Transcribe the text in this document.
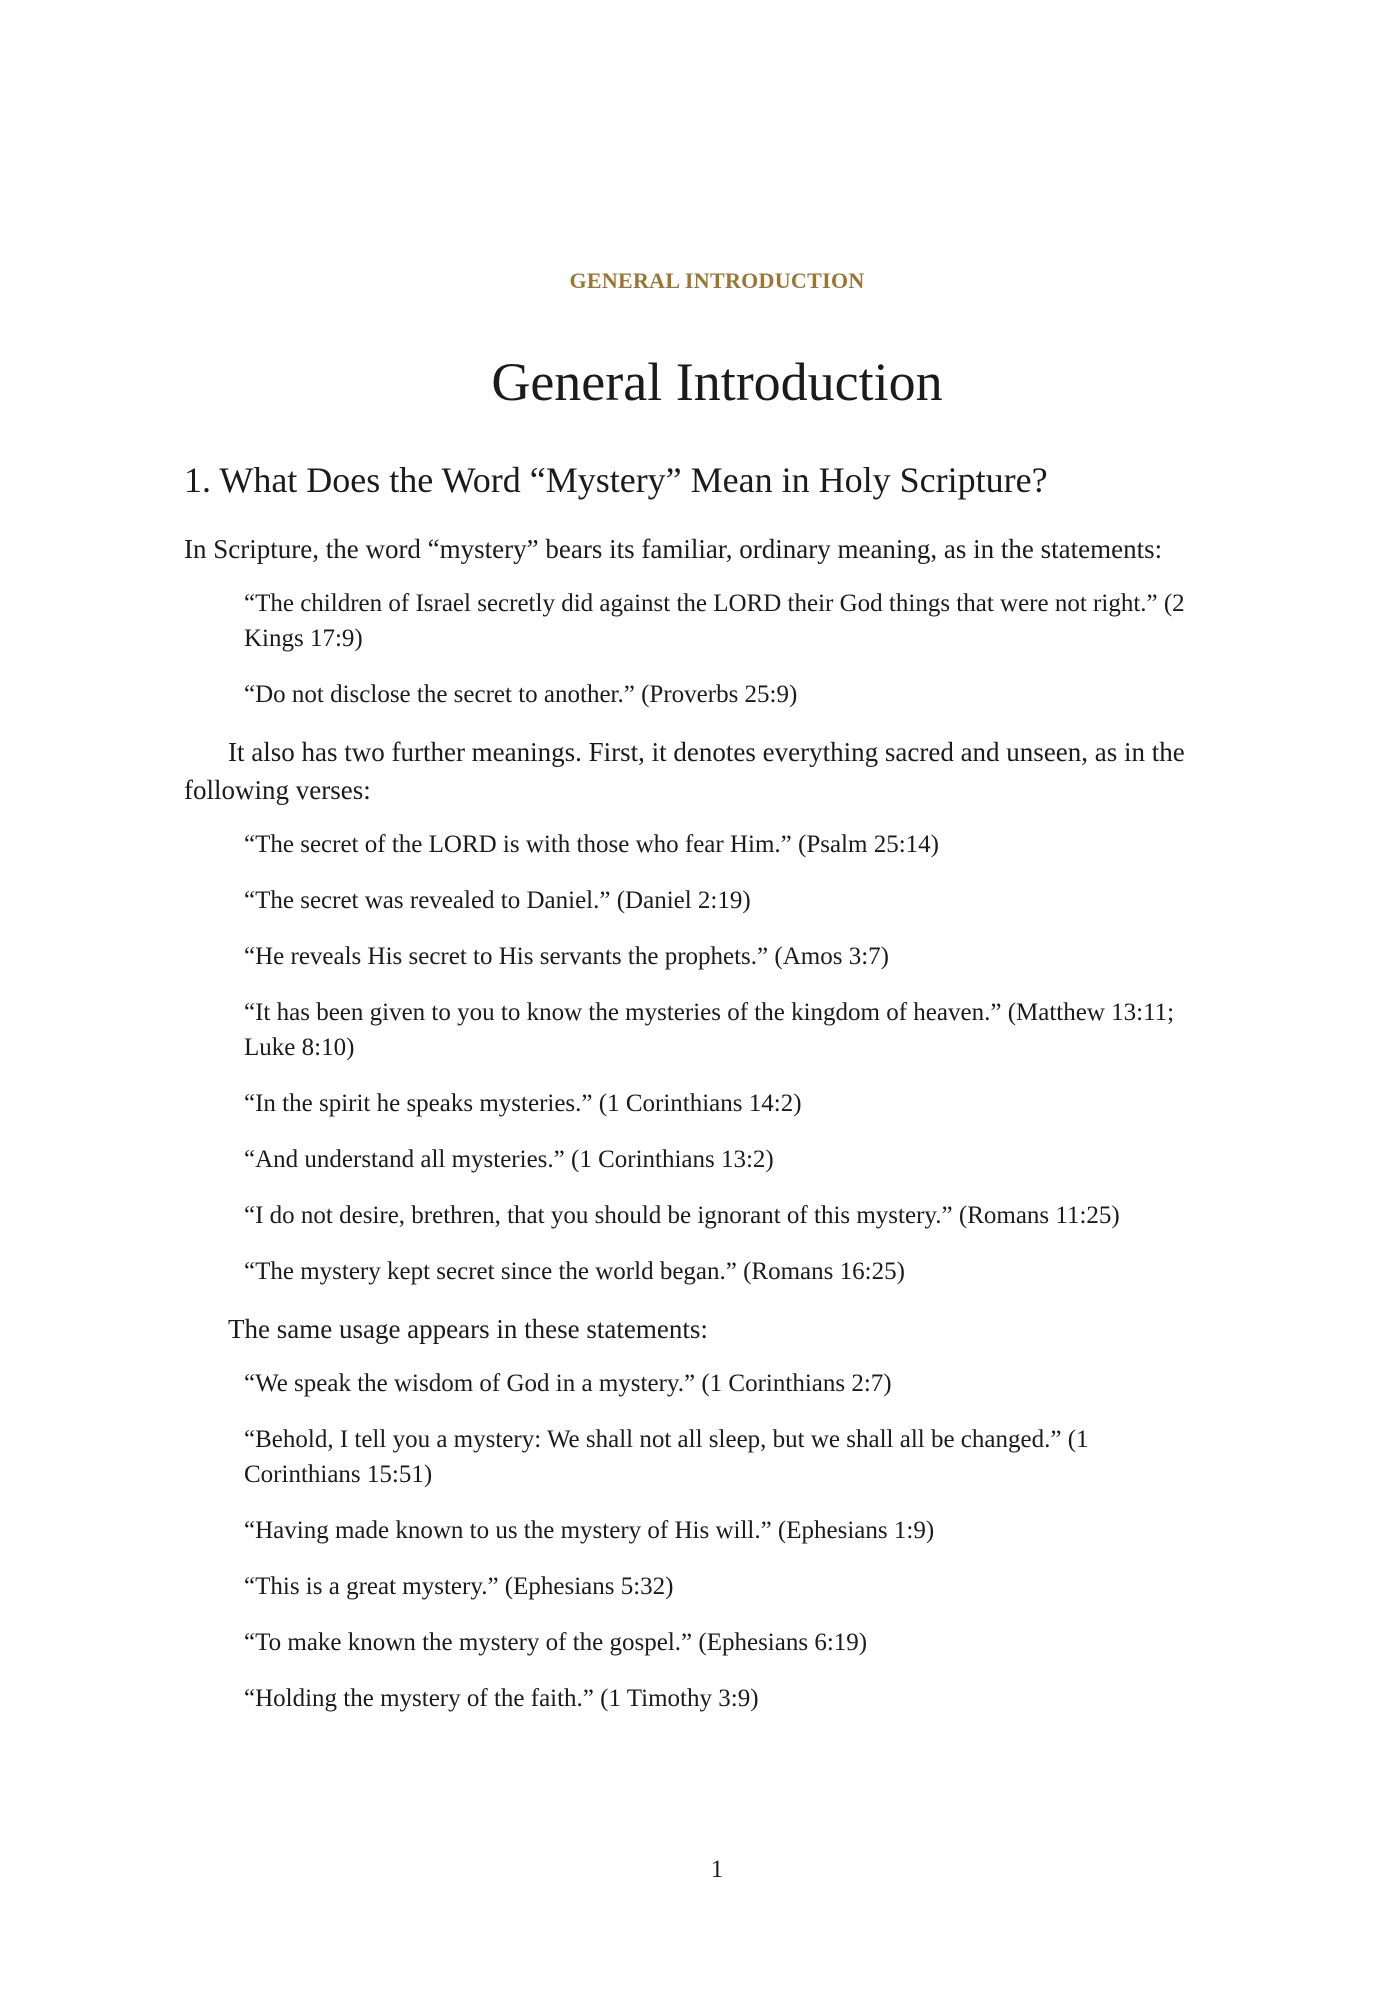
GENERAL INTRODUCTION
General Introduction
1. What Does the Word “Mystery” Mean in Holy Scripture?

In Scripture, the word “mystery” bears its familiar, ordinary meaning, as in the statements:

“The children of Israel secretly did against the LORD their God things that were not right.” (2 Kings 17:9)

“Do not disclose the secret to another.” (Proverbs 25:9)

It also has two further meanings. First, it denotes everything sacred and unseen, as in the following verses:

“The secret of the LORD is with those who fear Him.” (Psalm 25:14)

“The secret was revealed to Daniel.” (Daniel 2:19)

“He reveals His secret to His servants the prophets.” (Amos 3:7)

“It has been given to you to know the mysteries of the kingdom of heaven.” (Matthew 13:11; Luke 8:10)

“In the spirit he speaks mysteries.” (1 Corinthians 14:2)

“And understand all mysteries.” (1 Corinthians 13:2)

“I do not desire, brethren, that you should be ignorant of this mystery.” (Romans 11:25)

“The mystery kept secret since the world began.” (Romans 16:25)

The same usage appears in these statements:

“We speak the wisdom of God in a mystery.” (1 Corinthians 2:7)

“Behold, I tell you a mystery: We shall not all sleep, but we shall all be changed.” (1 Corinthians 15:51)

“Having made known to us the mystery of His will.” (Ephesians 1:9)

“This is a great mystery.” (Ephesians 5:32)

“To make known the mystery of the gospel.” (Ephesians 6:19)

“Holding the mystery of the faith.” (1 Timothy 3:9)

1
